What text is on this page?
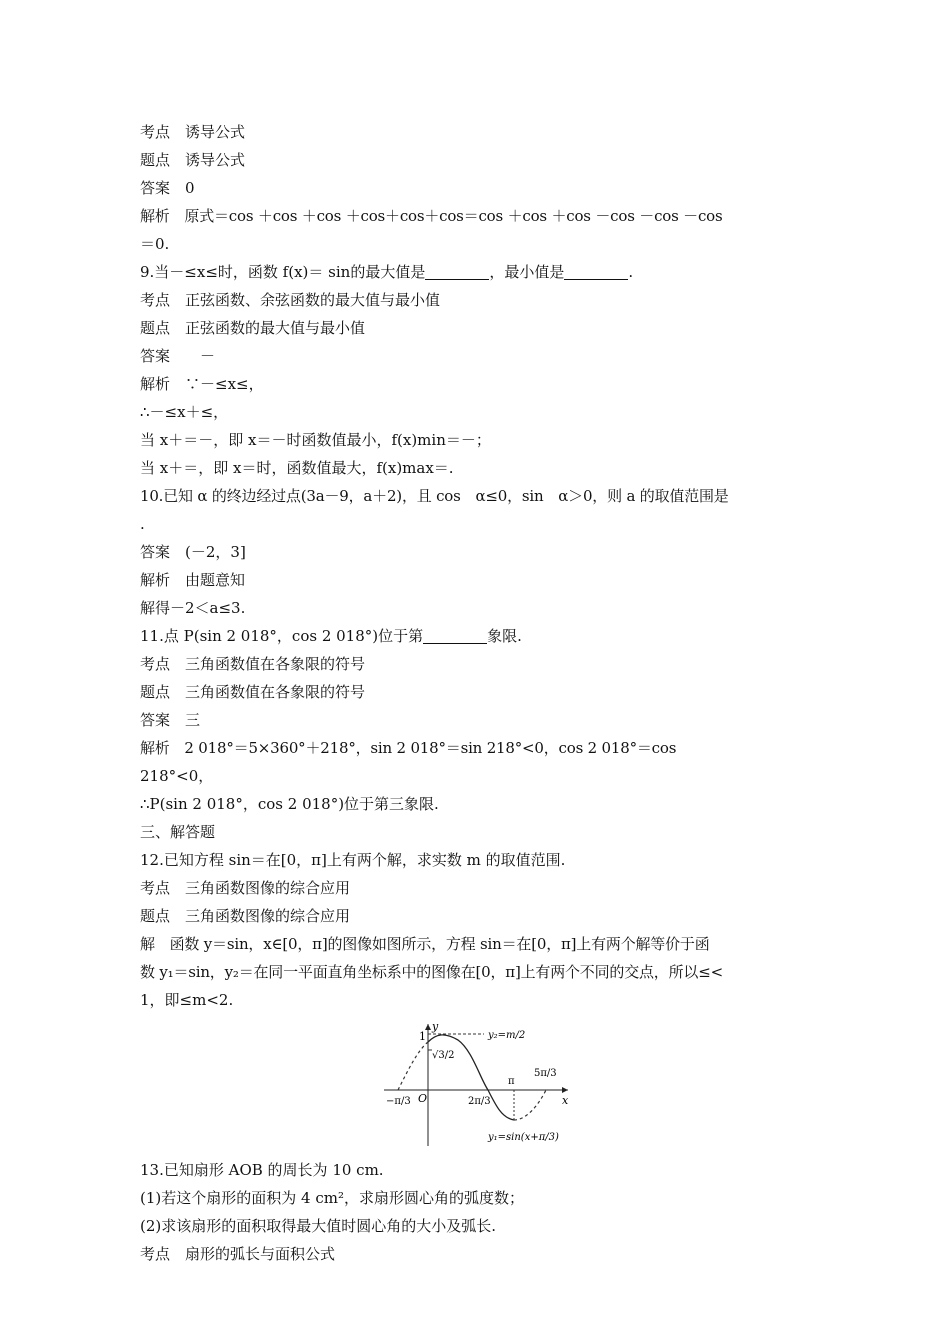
考点　诱导公式
题点　诱导公式
答案　0
解析　原式＝cos ＋cos ＋cos ＋cos＋cos＋cos＝cos ＋cos ＋cos －cos －cos －cos
＝0.
9.当－≤x≤时，函数 f(x)＝ sin的最大值是	，最小值是	.
考点　正弦函数、余弦函数的最大值与最小值
题点　正弦函数的最大值与最小值
答案　　－
解析　∵－≤x≤，
∴－≤x＋≤，
当 x＋＝－，即 x＝－时函数值最小，f(x)min＝－；
当 x＋＝，即 x＝时，函数值最大，f(x)max＝.
10.已知 α 的终边经过点(3a－9，a＋2)，且 cos　α≤0，sin　α＞0，则 a 的取值范围是
.
答案　(－2，3]
解析　由题意知
解得－2＜a≤3.
11.点 P(sin 2 018°，cos 2 018°)位于第	象限.
考点　三角函数值在各象限的符号
题点　三角函数值在各象限的符号
答案　三
解析　2 018°＝5×360°＋218°，sin 2 018°＝sin 218°<0，cos 2 018°＝cos
218°<0，
∴P(sin 2 018°，cos 2 018°)位于第三象限.
三、解答题
12.已知方程 sin＝在[0，π]上有两个解，求实数 m 的取值范围.
考点　三角函数图像的综合应用
题点　三角函数图像的综合应用
解　函数 y＝sin，x∈[0，π]的图像如图所示，方程 sin＝在[0，π]上有两个解等价于函
数 y₁＝sin，y₂＝在同一平面直角坐标系中的图像在[0，π]上有两个不同的交点，所以≤<
1，即≤m<2.
y
1
O	x
y₂=m/2
√3/2
π
−π/3	2π/3
5π/3
y₁=sin(x+π/3)
13.已知扇形 AOB 的周长为 10 cm.
(1)若这个扇形的面积为 4 cm²，求扇形圆心角的弧度数；
(2)求该扇形的面积取得最大值时圆心角的大小及弧长.
考点　扇形的弧长与面积公式
